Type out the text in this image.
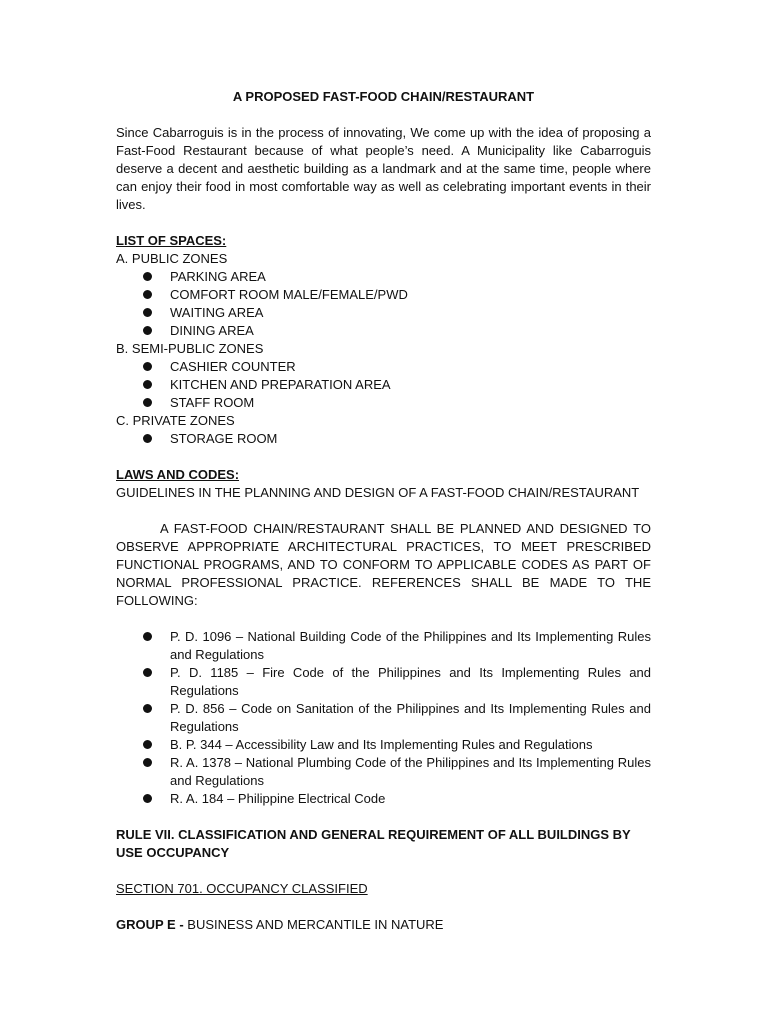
A PROPOSED FAST-FOOD CHAIN/RESTAURANT

Since Cabarroguis is in the process of innovating, We come up with the idea of proposing a Fast-Food Restaurant because of what people’s need. A Municipality like Cabarroguis deserve a decent and aesthetic building as a landmark and at the same time, people where can enjoy their food in most comfortable way as well as celebrating important events in their lives.

LIST OF SPACES:

A. PUBLIC ZONES

PARKING AREA
COMFORT ROOM MALE/FEMALE/PWD
WAITING AREA
DINING AREA

B. SEMI-PUBLIC ZONES

CASHIER COUNTER
KITCHEN AND PREPARATION AREA
STAFF ROOM

C. PRIVATE ZONES

STORAGE ROOM

LAWS AND CODES:

GUIDELINES IN THE PLANNING AND DESIGN OF A FAST-FOOD CHAIN/RESTAURANT

A FAST-FOOD CHAIN/RESTAURANT SHALL BE PLANNED AND DESIGNED TO OBSERVE APPROPRIATE ARCHITECTURAL PRACTICES, TO MEET PRESCRIBED FUNCTIONAL PROGRAMS, AND TO CONFORM TO APPLICABLE CODES AS PART OF NORMAL PROFESSIONAL PRACTICE. REFERENCES SHALL BE MADE TO THE FOLLOWING:

P. D. 1096 – National Building Code of the Philippines and Its Implementing Rules and Regulations
P. D. 1185 – Fire Code of the Philippines and Its Implementing Rules and Regulations
P. D. 856 – Code on Sanitation of the Philippines and Its Implementing Rules and Regulations
B. P. 344 – Accessibility Law and Its Implementing Rules and Regulations
R. A. 1378 – National Plumbing Code of the Philippines and Its Implementing Rules and Regulations
R. A. 184 – Philippine Electrical Code

RULE VII. CLASSIFICATION AND GENERAL REQUIREMENT OF ALL BUILDINGS BY USE OCCUPANCY

SECTION 701. OCCUPANCY CLASSIFIED

GROUP E - BUSINESS AND MERCANTILE IN NATURE
